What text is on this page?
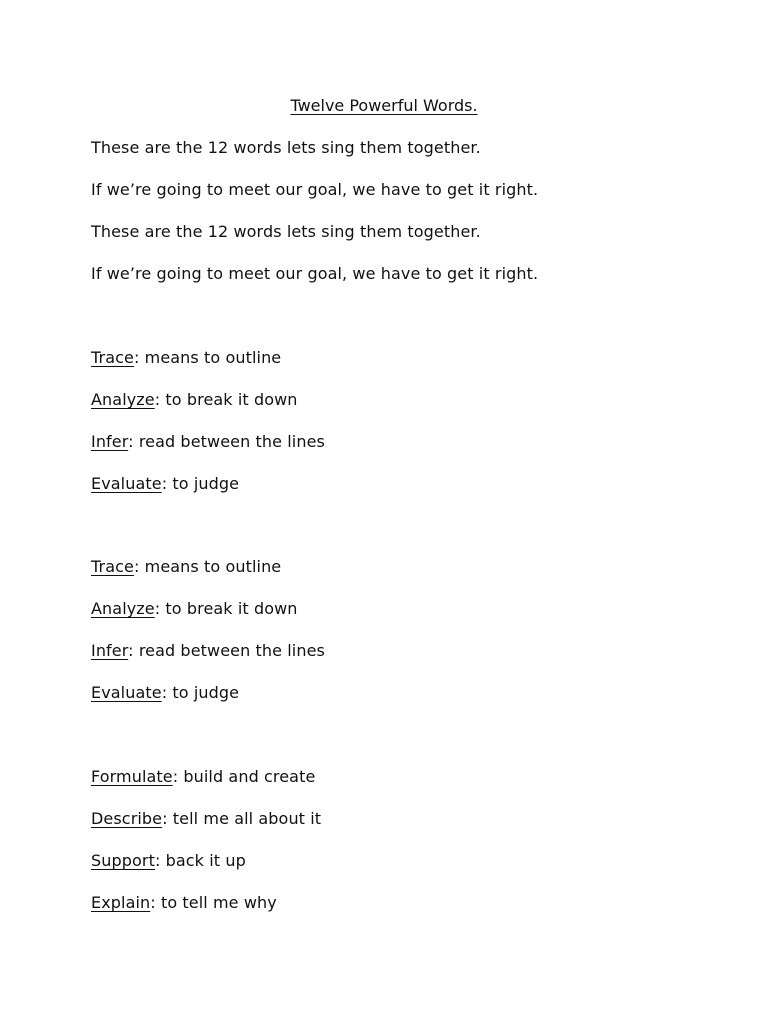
Twelve Powerful Words.
These are the 12 words lets sing them together.
If we’re going to meet our goal, we have to get it right.
These are the 12 words lets sing them together.
If we’re going to meet our goal, we have to get it right.
Trace: means to outline
Analyze: to break it down
Infer: read between the lines
Evaluate: to judge
Trace: means to outline
Analyze: to break it down
Infer: read between the lines
Evaluate: to judge
Formulate: build and create
Describe: tell me all about it
Support: back it up
Explain: to tell me why
